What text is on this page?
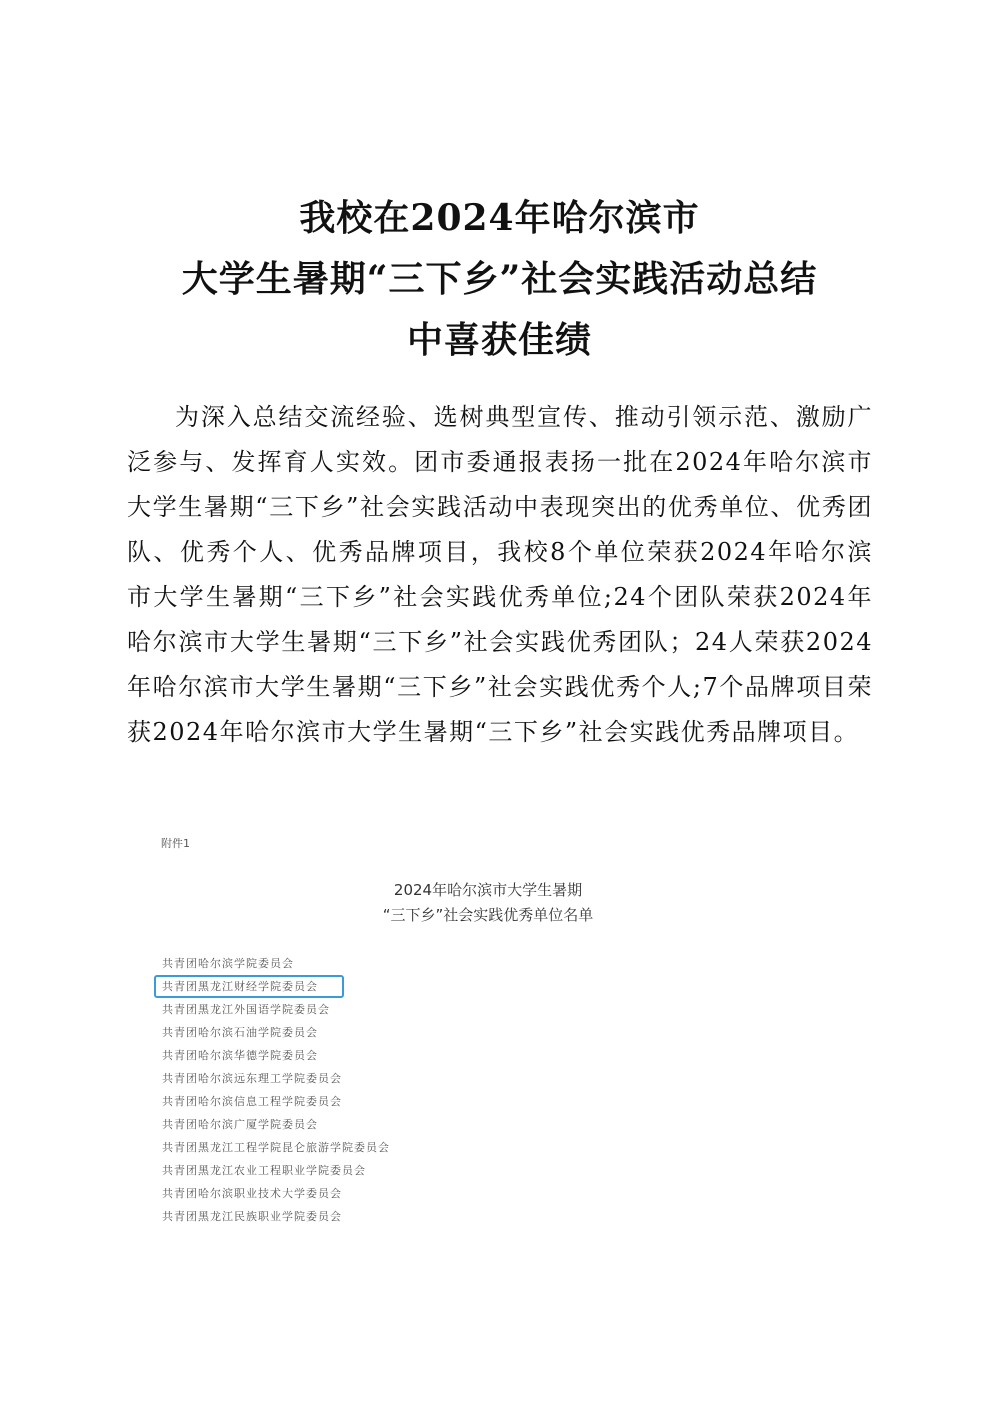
我校在2024年哈尔滨市
大学生暑期“三下乡”社会实践活动总结
中喜获佳绩

为深入总结交流经验、选树典型宣传、推动引领示范、激励广泛参与、发挥育人实效。团市委通报表扬一批在2024年哈尔滨市大学生暑期“三下乡”社会实践活动中表现突出的优秀单位、优秀团队、优秀个人、优秀品牌项目，我校8个单位荣获2024年哈尔滨市大学生暑期“三下乡”社会实践优秀单位;24个团队荣获2024年哈尔滨市大学生暑期“三下乡”社会实践优秀团队；24人荣获2024年哈尔滨市大学生暑期“三下乡”社会实践优秀个人;7个品牌项目荣获2024年哈尔滨市大学生暑期“三下乡”社会实践优秀品牌项目。

附件1
2024年哈尔滨市大学生暑期
“三下乡”社会实践优秀单位名单
共青团哈尔滨学院委员会
共青团黑龙江财经学院委员会
共青团黑龙江外国语学院委员会
共青团哈尔滨石油学院委员会
共青团哈尔滨华德学院委员会
共青团哈尔滨远东理工学院委员会
共青团哈尔滨信息工程学院委员会
共青团哈尔滨广厦学院委员会
共青团黑龙江工程学院昆仑旅游学院委员会
共青团黑龙江农业工程职业学院委员会
共青团哈尔滨职业技术大学委员会
共青团黑龙江民族职业学院委员会
